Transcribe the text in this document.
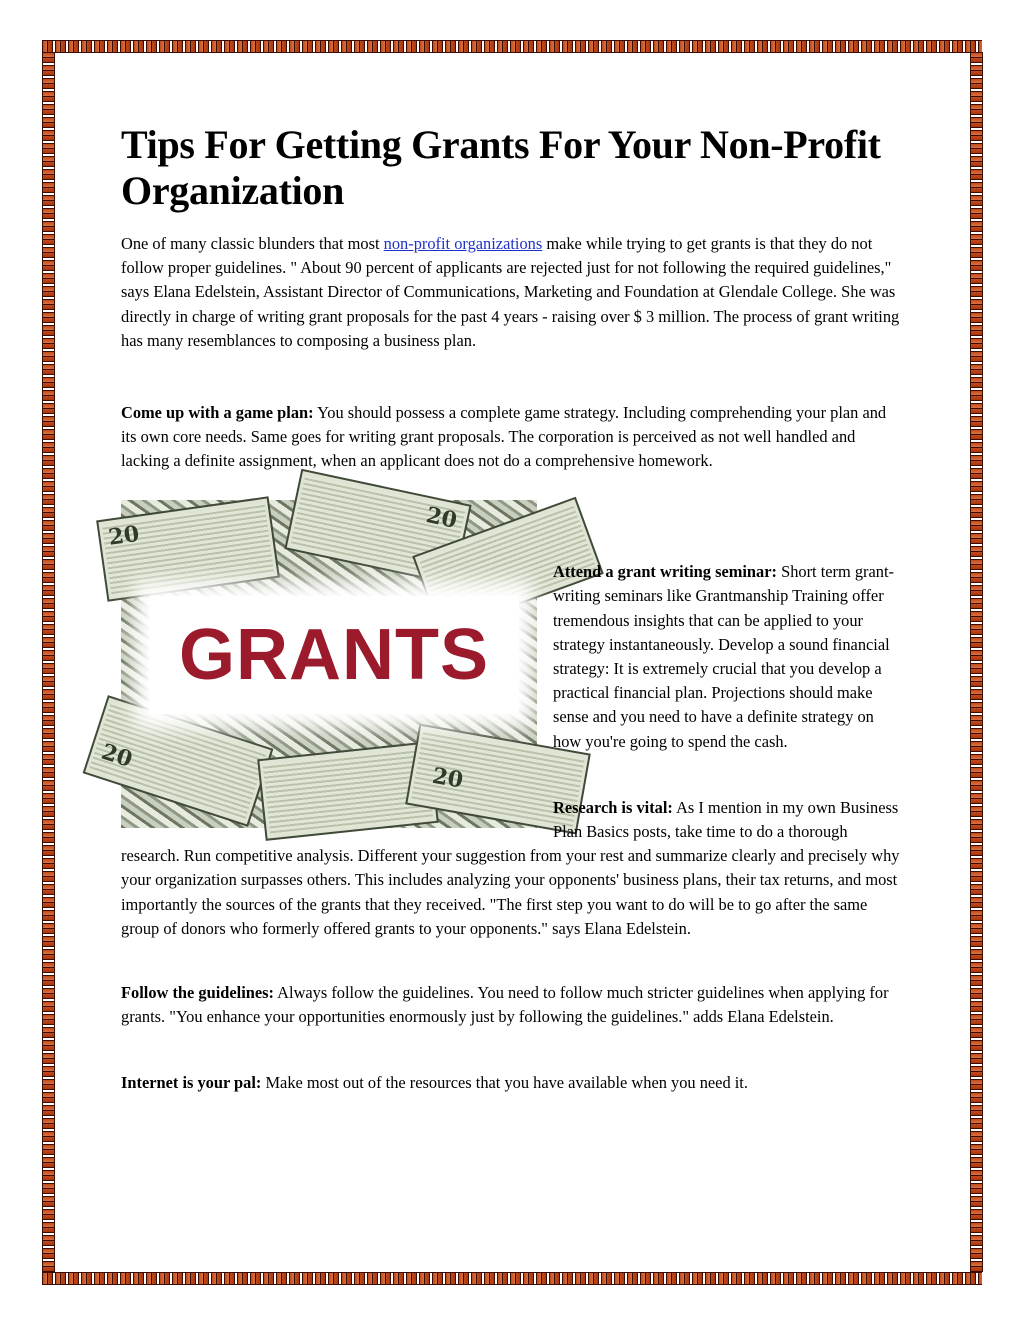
Tips For Getting Grants For Your Non-Profit Organization

One of many classic blunders that most non-profit organizations make while trying to get grants is that they do not follow proper guidelines. " About 90 percent of applicants are rejected just for not following the required guidelines," says Elana Edelstein, Assistant Director of Communications, Marketing and Foundation at Glendale College. She was directly in charge of writing grant proposals for the past 4 years - raising over $ 3 million. The process of grant writing has many resemblances to composing a business plan.

Come up with a game plan: You should possess a complete game strategy. Including comprehending your plan and its own core needs. Same goes for writing grant proposals. The corporation is perceived as not well handled and lacking a definite assignment, when an applicant does not do a comprehensive homework.

20
20
20
20
GRANTS

Attend a grant writing seminar: Short term grant-writing seminars like Grantmanship Training offer tremendous insights that can be applied to your strategy instantaneously. Develop a sound financial strategy: It is extremely crucial that you develop a practical financial plan. Projections should make sense and you need to have a definite strategy on how you're going to spend the cash.

Research is vital: As I mention in my own Business Plan Basics posts, take time to do a thorough research. Run competitive analysis. Different your suggestion from your rest and summarize clearly and precisely why your organization surpasses others. This includes analyzing your opponents' business plans, their tax returns, and most importantly the sources of the grants that they received. "The first step you want to do will be to go after the same group of donors who formerly offered grants to your opponents." says Elana Edelstein.

Follow the guidelines: Always follow the guidelines. You need to follow much stricter guidelines when applying for grants. "You enhance your opportunities enormously just by following the guidelines." adds Elana Edelstein.

Internet is your pal: Make most out of the resources that you have available when you need it.
